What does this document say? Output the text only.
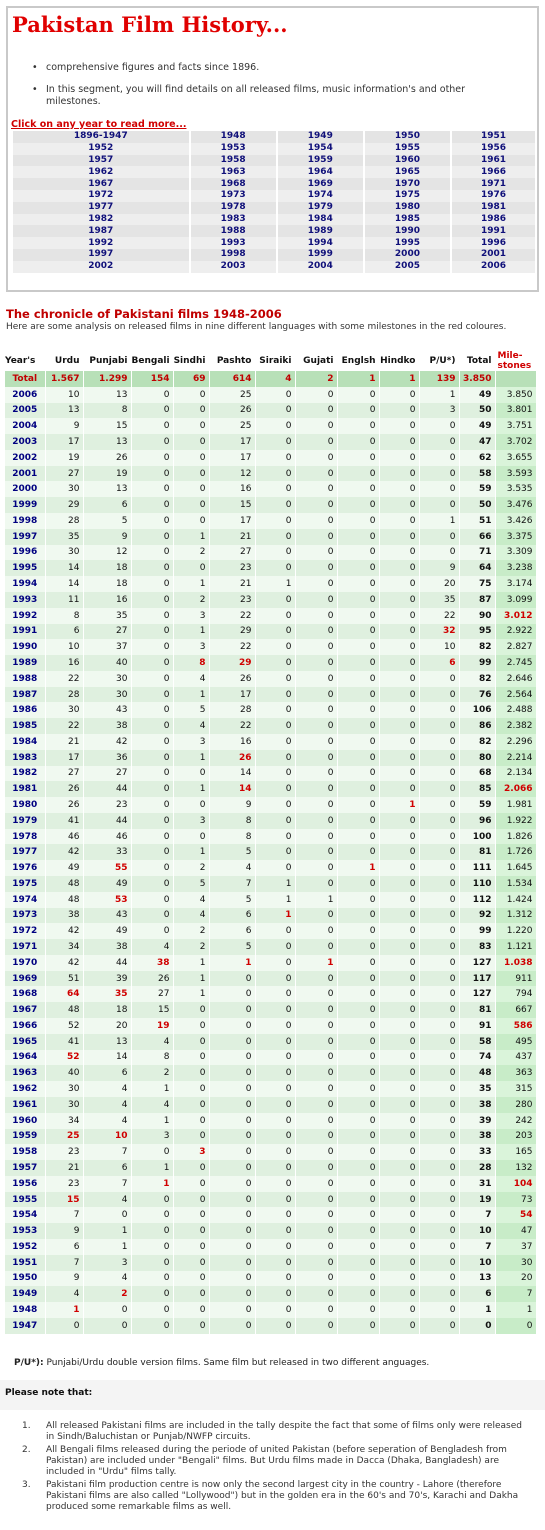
Pakistan Film History...
• comprehensive figures and facts since 1896.
• In this segment, you will find details on all released films, music information's and other milestones.
Click on any year to read more...
1896-1947	1948	1949	1950	1951
1952	1953	1954	1955	1956
1957	1958	1959	1960	1961
1962	1963	1964	1965	1966
1967	1968	1969	1970	1971
1972	1973	1974	1975	1976
1977	1978	1979	1980	1981
1982	1983	1984	1985	1986
1987	1988	1989	1990	1991
1992	1993	1994	1995	1996
1997	1998	1999	2000	2001
2002	2003	2004	2005	2006
The chronicle of Pakistani films 1948-2006
Here are some analysis on released films in nine different languages with some milestones in the red coloures.
Year's	Urdu	Punjabi	Bengali	Sindhi	Pashto	Siraiki	Gujati	Englsh	Hindko	P/U*)	Total	Mile-stones
Total	1.567	1.299	154	69	614	4	2	1	1	139	3.850	
2006	10	13	0	0	25	0	0	0	0	1	49	3.850
2005	13	8	0	0	26	0	0	0	0	3	50	3.801
2004	9	15	0	0	25	0	0	0	0	0	49	3.751
2003	17	13	0	0	17	0	0	0	0	0	47	3.702
2002	19	26	0	0	17	0	0	0	0	0	62	3.655
2001	27	19	0	0	12	0	0	0	0	0	58	3.593
2000	30	13	0	0	16	0	0	0	0	0	59	3.535
1999	29	6	0	0	15	0	0	0	0	0	50	3.476
1998	28	5	0	0	17	0	0	0	0	1	51	3.426
1997	35	9	0	1	21	0	0	0	0	0	66	3.375
1996	30	12	0	2	27	0	0	0	0	0	71	3.309
1995	14	18	0	0	23	0	0	0	0	9	64	3.238
1994	14	18	0	1	21	1	0	0	0	20	75	3.174
1993	11	16	0	2	23	0	0	0	0	35	87	3.099
1992	8	35	0	3	22	0	0	0	0	22	90	3.012
1991	6	27	0	1	29	0	0	0	0	32	95	2.922
1990	10	37	0	3	22	0	0	0	0	10	82	2.827
1989	16	40	0	8	29	0	0	0	0	6	99	2.745
1988	22	30	0	4	26	0	0	0	0	0	82	2.646
1987	28	30	0	1	17	0	0	0	0	0	76	2.564
1986	30	43	0	5	28	0	0	0	0	0	106	2.488
1985	22	38	0	4	22	0	0	0	0	0	86	2.382
1984	21	42	0	3	16	0	0	0	0	0	82	2.296
1983	17	36	0	1	26	0	0	0	0	0	80	2.214
1982	27	27	0	0	14	0	0	0	0	0	68	2.134
1981	26	44	0	1	14	0	0	0	0	0	85	2.066
1980	26	23	0	0	9	0	0	0	1	0	59	1.981
1979	41	44	0	3	8	0	0	0	0	0	96	1.922
1978	46	46	0	0	8	0	0	0	0	0	100	1.826
1977	42	33	0	1	5	0	0	0	0	0	81	1.726
1976	49	55	0	2	4	0	0	1	0	0	111	1.645
1975	48	49	0	5	7	1	0	0	0	0	110	1.534
1974	48	53	0	4	5	1	1	0	0	0	112	1.424
1973	38	43	0	4	6	1	0	0	0	0	92	1.312
1972	42	49	0	2	6	0	0	0	0	0	99	1.220
1971	34	38	4	2	5	0	0	0	0	0	83	1.121
1970	42	44	38	1	1	0	1	0	0	0	127	1.038
1969	51	39	26	1	0	0	0	0	0	0	117	911
1968	64	35	27	1	0	0	0	0	0	0	127	794
1967	48	18	15	0	0	0	0	0	0	0	81	667
1966	52	20	19	0	0	0	0	0	0	0	91	586
1965	41	13	4	0	0	0	0	0	0	0	58	495
1964	52	14	8	0	0	0	0	0	0	0	74	437
1963	40	6	2	0	0	0	0	0	0	0	48	363
1962	30	4	1	0	0	0	0	0	0	0	35	315
1961	30	4	4	0	0	0	0	0	0	0	38	280
1960	34	4	1	0	0	0	0	0	0	0	39	242
1959	25	10	3	0	0	0	0	0	0	0	38	203
1958	23	7	0	3	0	0	0	0	0	0	33	165
1957	21	6	1	0	0	0	0	0	0	0	28	132
1956	23	7	1	0	0	0	0	0	0	0	31	104
1955	15	4	0	0	0	0	0	0	0	0	19	73
1954	7	0	0	0	0	0	0	0	0	0	7	54
1953	9	1	0	0	0	0	0	0	0	0	10	47
1952	6	1	0	0	0	0	0	0	0	0	7	37
1951	7	3	0	0	0	0	0	0	0	0	10	30
1950	9	4	0	0	0	0	0	0	0	0	13	20
1949	4	2	0	0	0	0	0	0	0	0	6	7
1948	1	0	0	0	0	0	0	0	0	0	1	1
1947	0	0	0	0	0	0	0	0	0	0	0	0
P/U*): Punjabi/Urdu double version films. Same film but released in two different anguages.
Please note that:
1. All released Pakistani films are included in the tally despite the fact that some of films only were released in Sindh/Baluchistan or Punjab/NWFP circuits.
2. All Bengali films released during the periode of united Pakistan (before seperation of Bengladesh from Pakistan) are included under "Bengali" films. But Urdu films made in Dacca (Dhaka, Bangladesh) are included in "Urdu" films tally.
3. Pakistani film production centre is now only the second largest city in the country - Lahore (therefore Pakistani films are also called "Lollywood") but in the golden era in the 60's and 70's, Karachi and Dakha produced some remarkable films as well.
